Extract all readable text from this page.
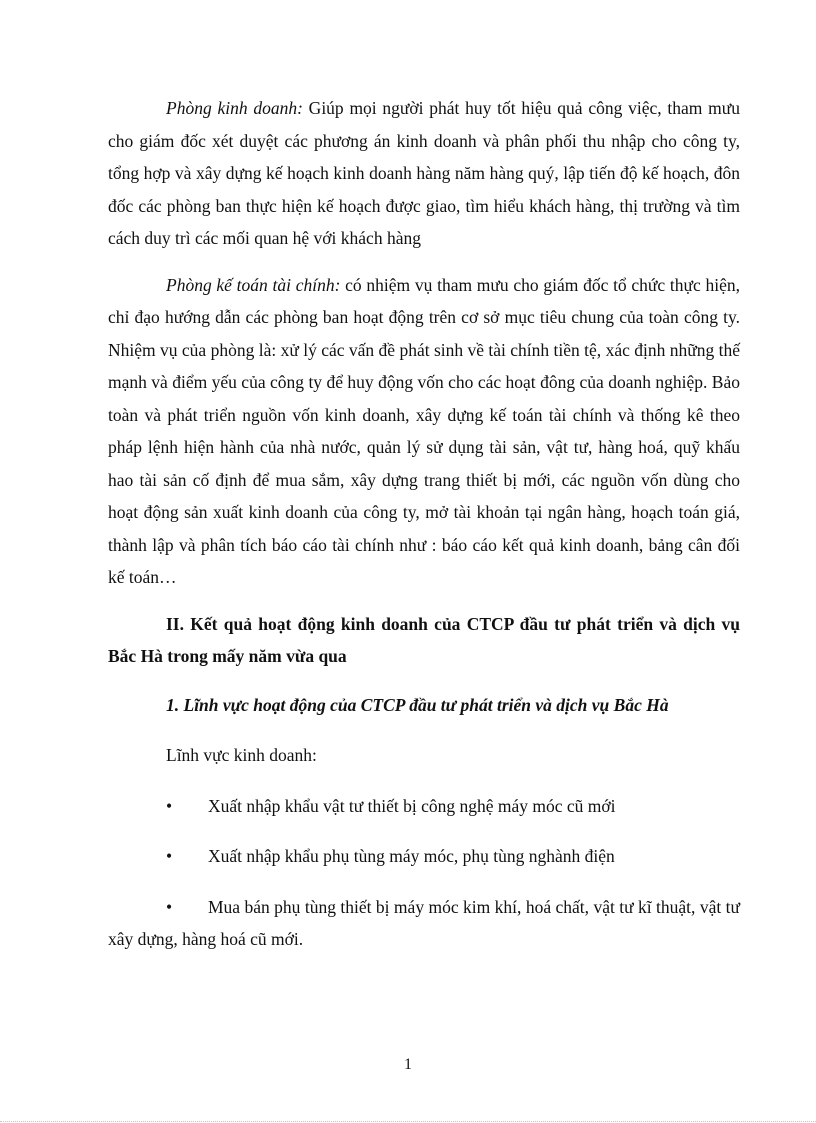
Phòng kinh doanh: Giúp mọi người phát huy tốt hiệu quả công việc, tham mưu cho giám đốc xét duyệt các phương án kinh doanh và phân phối thu nhập cho công ty, tổng hợp và xây dựng kế hoạch kinh doanh hàng năm hàng quý, lập tiến độ kế hoạch, đôn đốc các phòng ban thực hiện kế hoạch được giao, tìm hiểu khách hàng, thị trường và tìm cách duy trì các mối quan hệ với khách hàng

Phòng kế toán tài chính: có nhiệm vụ tham mưu cho giám đốc tổ chức thực hiện, chỉ đạo hướng dẫn các phòng ban hoạt động trên cơ sở mục tiêu chung của toàn công ty. Nhiệm vụ của phòng là: xử lý các vấn đề phát sinh về tài chính tiền tệ, xác định những thế mạnh và điểm yếu của công ty để huy động vốn cho các hoạt đông của doanh nghiệp. Bảo toàn và phát triển nguồn vốn kinh doanh, xây dựng kế toán tài chính và thống kê theo pháp lệnh hiện hành của nhà nước, quản lý sử dụng tài sản, vật tư, hàng hoá, quỹ khấu hao tài sản cố định để mua sắm, xây dựng trang thiết bị mới, các nguồn vốn dùng cho hoạt động sản xuất kinh doanh của công ty, mở tài khoản tại ngân hàng, hoạch toán giá, thành lập và phân tích báo cáo tài chính như : báo cáo kết quả kinh doanh, bảng cân đối kế toán…

II. Kết quả hoạt động kinh doanh của CTCP đầu tư phát triển và dịch vụ Bắc Hà trong mấy năm vừa qua

1. Lĩnh vực hoạt động của CTCP đầu tư phát triển và dịch vụ Bắc Hà

Lĩnh vực kinh doanh:

• Xuất nhập khẩu vật tư thiết bị công nghệ máy móc cũ mới
• Xuất nhập khẩu phụ tùng máy móc, phụ tùng nghành điện
• Mua bán phụ tùng thiết bị máy móc kim khí, hoá chất, vật tư kĩ thuật, vật tư xây dựng, hàng hoá cũ mới.
1
